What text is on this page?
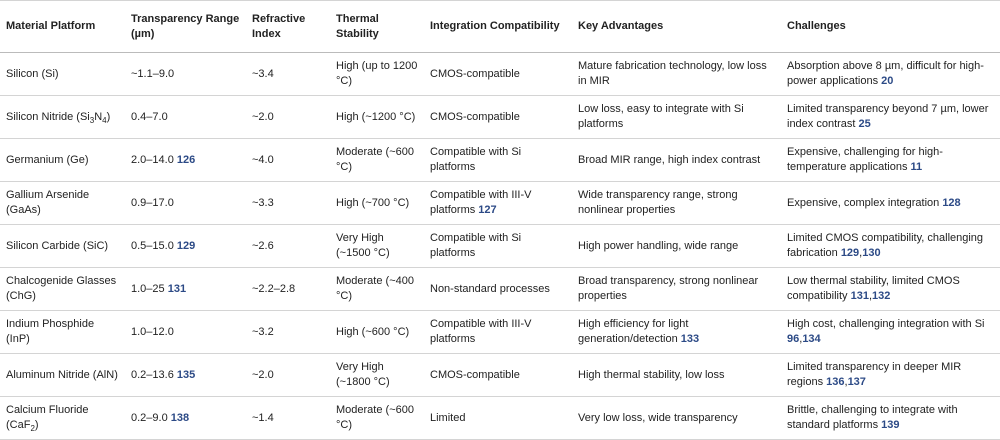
Material Platform	Transparency Range (µm)	Refractive Index	Thermal Stability	Integration Compatibility	Key Advantages	Challenges
Silicon (Si)	~1.1–9.0	~3.4	High (up to 1200 °C)	CMOS-compatible	Mature fabrication technology, low loss in MIR	Absorption above 8 µm, difficult for high-power applications 20
Silicon Nitride $(Si_3N_4)$	0.4–7.0	~2.0	High (~1200 °C)	CMOS-compatible	Low loss, easy to integrate with Si platforms	Limited transparency beyond 7 µm, lower index contrast 25
Germanium (Ge)	2.0–14.0 126	~4.0	Moderate (~600 °C)	Compatible with Si platforms	Broad MIR range, high index contrast	Expensive, challenging for high-temperature applications 11
Gallium Arsenide (GaAs)	0.9–17.0	~3.3	High (~700 °C)	Compatible with III-V platforms 127	Wide transparency range, strong nonlinear properties	Expensive, complex integration 128
Silicon Carbide (SiC)	0.5–15.0 129	~2.6	Very High (~1500 °C)	Compatible with Si platforms	High power handling, wide range	Limited CMOS compatibility, challenging fabrication 129,130
Chalcogenide Glasses (ChG)	1.0–25 131	~2.2–2.8	Moderate (~400 °C)	Non-standard processes	Broad transparency, strong nonlinear properties	Low thermal stability, limited CMOS compatibility 131,132
Indium Phosphide (InP)	1.0–12.0	~3.2	High (~600 °C)	Compatible with III-V platforms	High efficiency for light generation/detection 133	High cost, challenging integration with Si 96,134
Aluminum Nitride (AlN)	0.2–13.6 135	~2.0	Very High (~1800 °C)	CMOS-compatible	High thermal stability, low loss	Limited transparency in deeper MIR regions 136,137
Calcium Fluoride (CaF$_2$)	0.2–9.0 138	~1.4	Moderate (~600 °C)	Limited	Very low loss, wide transparency	Brittle, challenging to integrate with standard platforms 139
